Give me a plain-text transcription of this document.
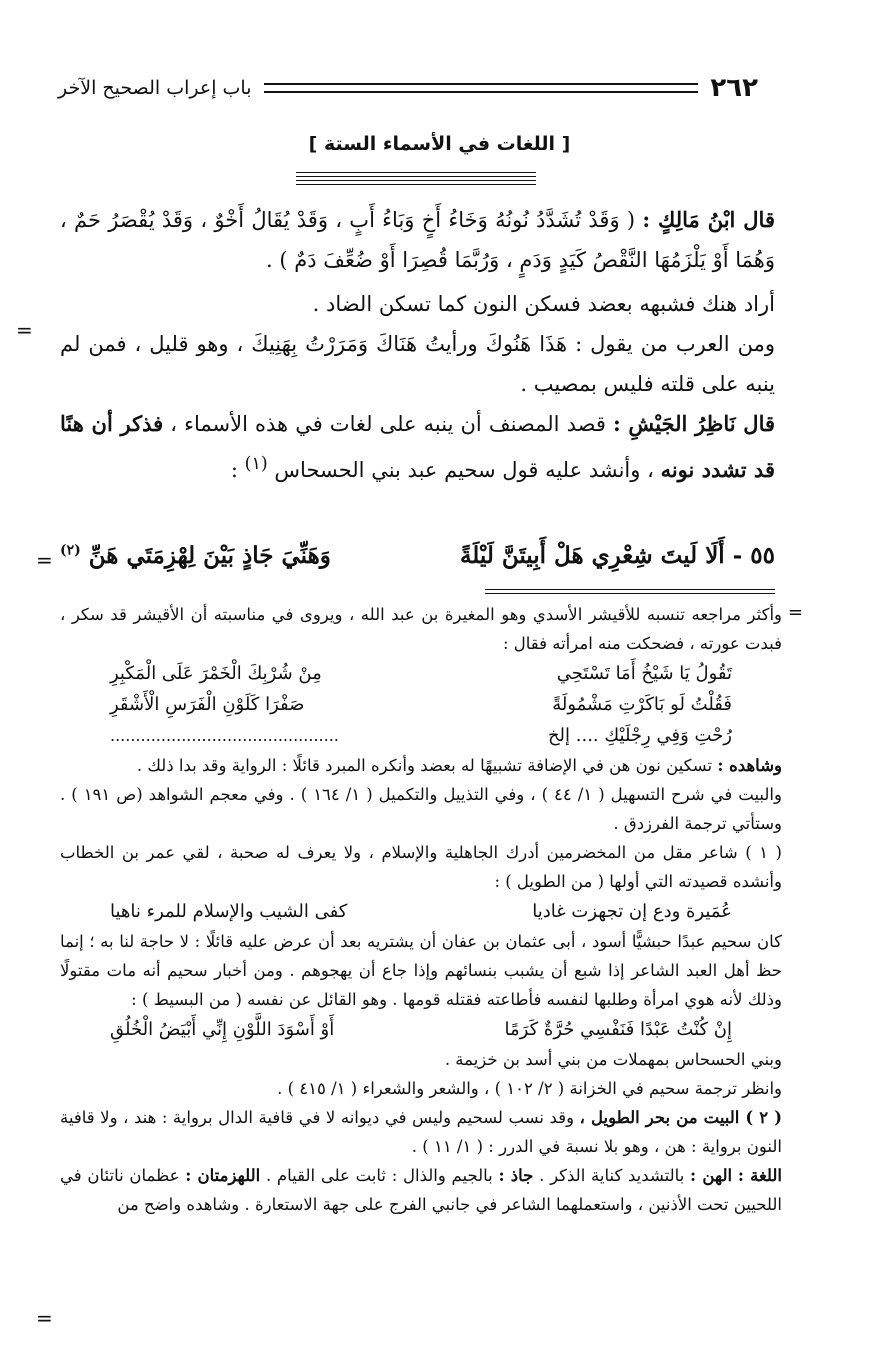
٢٦٢
باب إعراب الصحيح الآخر
[ اللغات في الأسماء الستة ]

قال ابْنُ مَالِكٍ : ( وَقَدْ تُشَدَّدُ نُونُهُ وَخَاءُ أَخٍ وَبَاءُ أَبٍ ، وَقَدْ يُقَالُ أَخْوٌ ، وَقَدْ يُقْصَرُ حَمٌ ، وَهُمَا أَوْ يَلْزَمُهَا النَّقْصُ كَيَدٍ وَدَمٍ ، وَرُبَّمَا قُصِرَا أَوْ ضُعِّفَ دَمٌ ) .

أراد هنك فشبهه بعضد فسكن النون كما تسكن الضاد .

ومن العرب من يقول : هَذَا هَنُوكَ ورأيتُ هَنَاكَ وَمَرَرْتُ بِهَنِيكَ ، وهو قليل ، فمن لم ينبه على قلته فليس بمصيب .

قال نَاظِرُ الجَيْشِ : قصد المصنف أن ينبه على لغات في هذه الأسماء ، فذكر أن هنًا قد تشدد نونه ، وأنشد عليه قول سحيم عبد بني الحسحاس $^{(١)}$ :

=
٥٥ - أَلَا لَيتَ شِعْرِي هَلْ أَبِيتَنَّ لَيْلَةً
وَهَنِّيَ جَاذٍ بَيْنَ لِهْزِمَتَي هَنِّ $^{(٢)}$
=
=

وأكثر مراجعه تنسبه للأقيشر الأسدي وهو المغيرة بن عبد الله ، ويروى في مناسبته أن الأقيشر قد سكر ، فبدت عورته ، فضحكت منه امرأته فقال :

تَقُولُ يَا شَيْخُ أَمَا تَسْتَحِي
مِنْ شُرْبِكَ الْخَمْرَ عَلَى الْمَكْبِرِ
فَقُلْتُ لَو بَاكَرْتِ مَشْمُولَةً
صَفْرَا كَلَوْنِ الْفَرَسِ الْأَشْقَرِ
رُحْتِ وَفِي رِجْلَيْكِ .... إلخ
.............................................

وشاهده : تسكين نون هن في الإضافة تشبيهًا له بعضد وأنكره المبرد قائلًا : الرواية وقد بدا ذلك .

والبيت في شرح التسهيل ( ١/ ٤٤ ) ، وفي التذييل والتكميل ( ١/ ١٦٤ ) . وفي معجم الشواهد (ص ١٩١ ) . وستأتي ترجمة الفرزدق .

( ١ ) شاعر مقل من المخضرمين أدرك الجاهلية والإسلام ، ولا يعرف له صحبة ، لقي عمر بن الخطاب وأنشده قصيدته التي أولها ( من الطويل ) :

عُمَيرة ودع إن تجهزت غاديا
كفى الشيب والإسلام للمرء ناهيا

كان سحيم عبدًا حبشيًّا أسود ، أبى عثمان بن عفان أن يشتريه بعد أن عرض عليه قائلًا : لا حاجة لنا به ؛ إنما حظ أهل العبد الشاعر إذا شبع أن يشبب بنسائهم وإذا جاع أن يهجوهم . ومن أخبار سحيم أنه مات مقتولًا وذلك لأنه هوي امرأة وطلبها لنفسه فأطاعته فقتله قومها . وهو القائل عن نفسه ( من البسيط ) :

إِنْ كُنْتُ عَبْدًا فَنَفْسِي حُرَّةٌ كَرَمًا
أَوْ أَسْوَدَ اللَّوْنِ إِنِّي أَبْيَضُ الْخُلُقِ

وبني الحسحاس بمهملات من بني أسد بن خزيمة .

وانظر ترجمة سحيم في الخزانة ( ٢/ ١٠٢ ) ، والشعر والشعراء ( ١/ ٤١٥ ) .

( ٢ ) البيت من بحر الطويل ، وقد نسب لسحيم وليس في ديوانه لا في قافية الدال برواية : هند ، ولا قافية النون برواية : هن ، وهو بلا نسبة في الدرر : ( ١/ ١١ ) .

اللغة : الهن : بالتشديد كناية الذكر . جاذ : بالجيم والذال : ثابت على القيام . اللهزمتان : عظمان ناتئان في اللحيين تحت الأذنين ، واستعملهما الشاعر في جانبي الفرج على جهة الاستعارة . وشاهده واضح من

=
